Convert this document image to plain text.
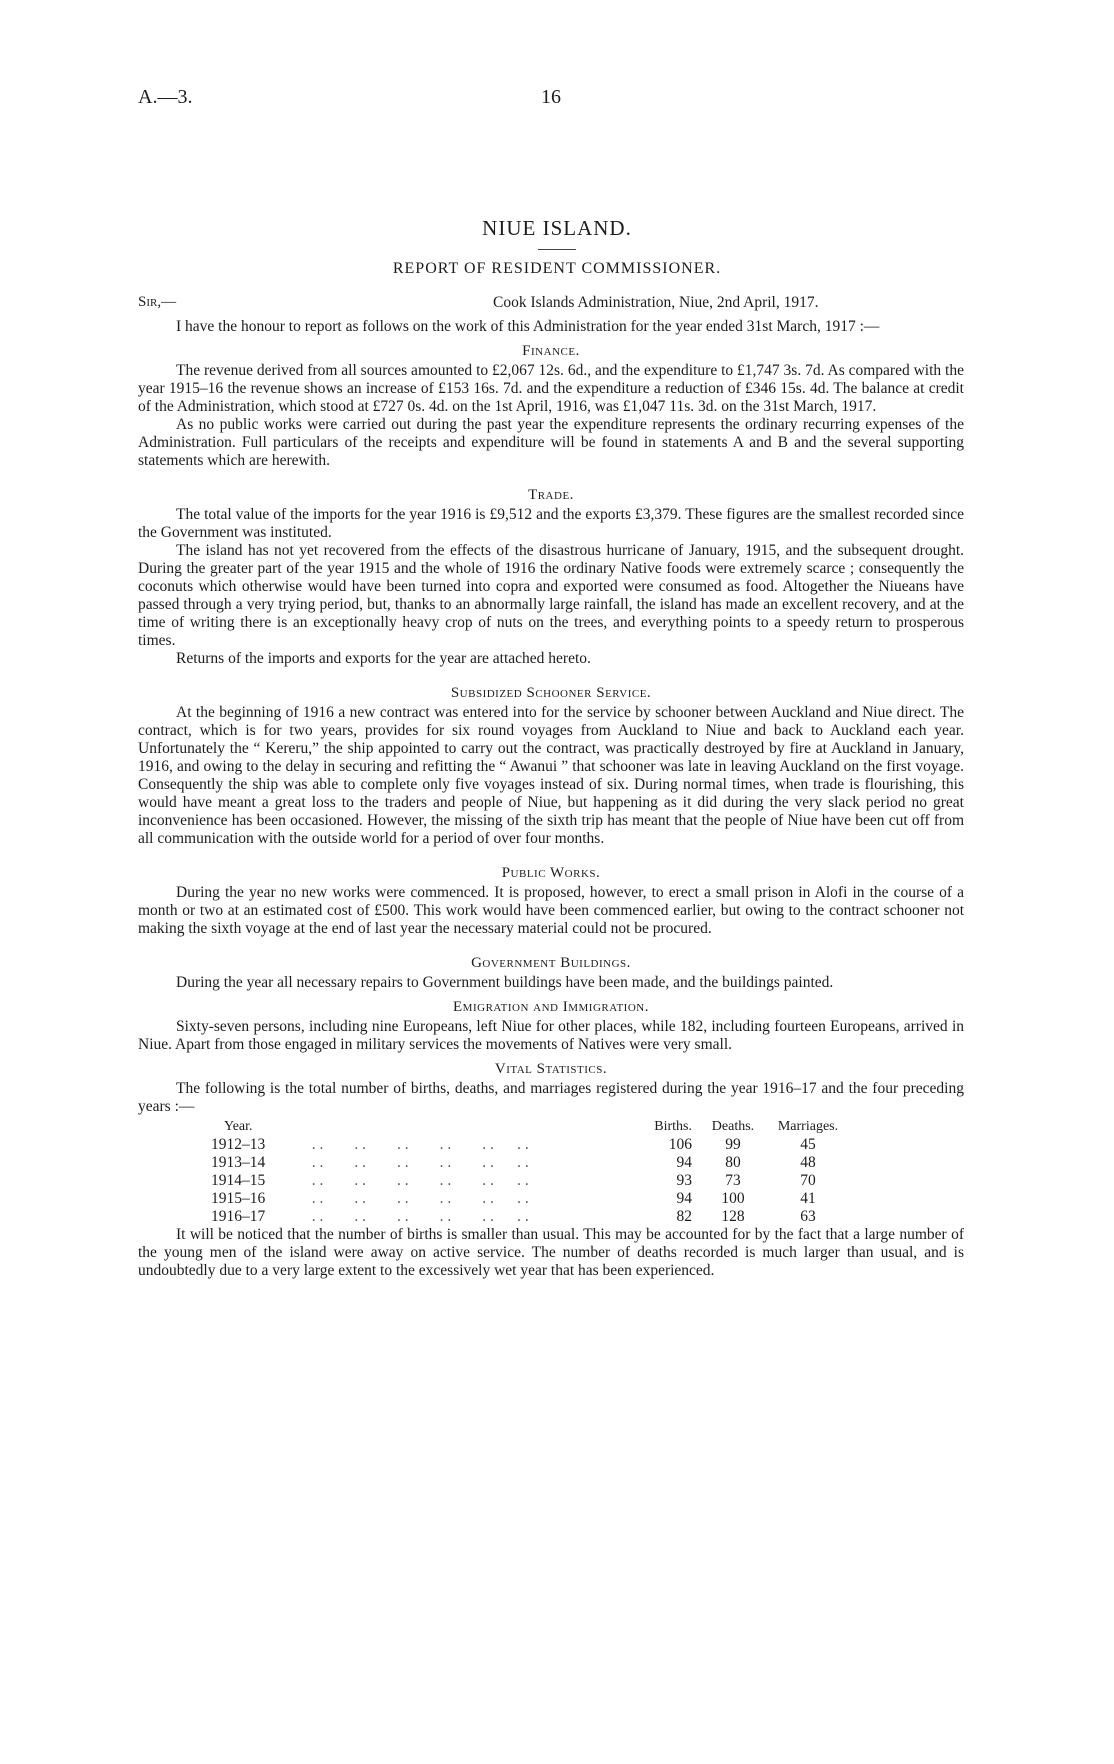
A.—3.	16
NIUE ISLAND.
REPORT OF RESIDENT COMMISSIONER.
Sir,—	Cook Islands Administration, Niue, 2nd April, 1917.

I have the honour to report as follows on the work of this Administration for the year ended 31st March, 1917 :—

Finance.

The revenue derived from all sources amounted to £2,067 12s. 6d., and the expenditure to £1,747 3s. 7d. As compared with the year 1915–16 the revenue shows an increase of £153 16s. 7d. and the expenditure a reduction of £346 15s. 4d. The balance at credit of the Administration, which stood at £727 0s. 4d. on the 1st April, 1916, was £1,047 11s. 3d. on the 31st March, 1917.

As no public works were carried out during the past year the expenditure represents the ordinary recurring expenses of the Administration. Full particulars of the receipts and expenditure will be found in statements A and B and the several supporting statements which are herewith.

Trade.

The total value of the imports for the year 1916 is £9,512 and the exports £3,379. These figures are the smallest recorded since the Government was instituted.

The island has not yet recovered from the effects of the disastrous hurricane of January, 1915, and the subsequent drought. During the greater part of the year 1915 and the whole of 1916 the ordinary Native foods were extremely scarce ; consequently the coconuts which otherwise would have been turned into copra and exported were consumed as food. Altogether the Niueans have passed through a very trying period, but, thanks to an abnormally large rainfall, the island has made an excellent recovery, and at the time of writing there is an exceptionally heavy crop of nuts on the trees, and everything points to a speedy return to prosperous times.

Returns of the imports and exports for the year are attached hereto.

Subsidized Schooner Service.

At the beginning of 1916 a new contract was entered into for the service by schooner between Auckland and Niue direct. The contract, which is for two years, provides for six round voyages from Auckland to Niue and back to Auckland each year. Unfortunately the “ Kereru,” the ship appointed to carry out the contract, was practically destroyed by fire at Auckland in January, 1916, and owing to the delay in securing and refitting the “ Awanui ” that schooner was late in leaving Auckland on the first voyage. Consequently the ship was able to complete only five voyages instead of six. During normal times, when trade is flourishing, this would have meant a great loss to the traders and people of Niue, but happening as it did during the very slack period no great inconvenience has been occasioned. However, the missing of the sixth trip has meant that the people of Niue have been cut off from all communication with the outside world for a period of over four months.

Public Works.

During the year no new works were commenced. It is proposed, however, to erect a small prison in Alofi in the course of a month or two at an estimated cost of £500. This work would have been commenced earlier, but owing to the contract schooner not making the sixth voyage at the end of last year the necessary material could not be procured.

Government Buildings.

During the year all necessary repairs to Government buildings have been made, and the buildings painted.

Emigration and Immigration.

Sixty-seven persons, including nine Europeans, left Niue for other places, while 182, including fourteen Europeans, arrived in Niue. Apart from those engaged in military services the movements of Natives were very small.

Vital Statistics.

The following is the total number of births, deaths, and marriages registered during the year 1916–17 and the four preceding years :—

Year.	Births.	Deaths.	Marriages.
1912–13	. .        . .        . .        . .        . .      . .	106	99	45
1913–14	. .        . .        . .        . .        . .      . .	94	80	48
1914–15	. .        . .        . .        . .        . .      . .	93	73	70
1915–16	. .        . .        . .        . .        . .      . .	94	100	41
1916–17	. .        . .        . .        . .        . .      . .	82	128	63

It will be noticed that the number of births is smaller than usual. This may be accounted for by the fact that a large number of the young men of the island were away on active service. The number of deaths recorded is much larger than usual, and is undoubtedly due to a very large extent to the excessively wet year that has been experienced.
